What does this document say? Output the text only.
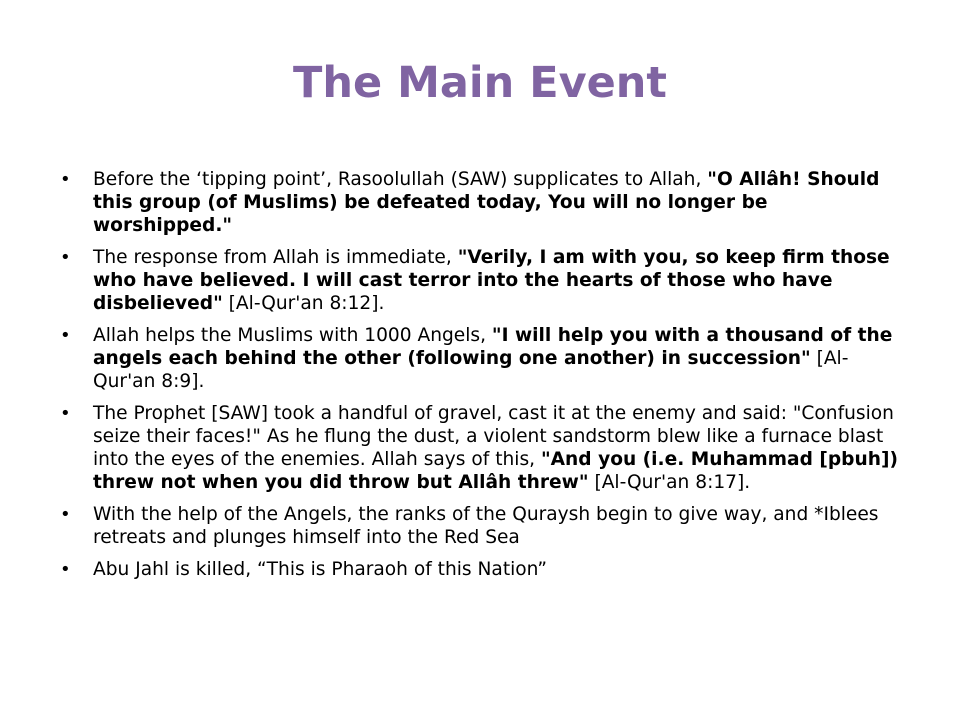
The Main Event
• Before the ‘tipping point’, Rasoolullah (SAW) supplicates to Allah, "O Allâh! Should this group (of Muslims) be defeated today, You will no longer be worshipped."
• The response from Allah is immediate, "Verily, I am with you, so keep firm those who have believed. I will cast terror into the hearts of those who have disbelieved" [Al-Qur'an 8:12].
• Allah helps the Muslims with 1000 Angels, "I will help you with a thousand of the angels each behind the other (following one another) in succession" [Al-Qur'an 8:9].
• The Prophet [SAW] took a handful of gravel, cast it at the enemy and said: "Confusion seize their faces!" As he flung the dust, a violent sandstorm blew like a furnace blast into the eyes of the enemies. Allah says of this, "And you (i.e. Muhammad [pbuh]) threw not when you did throw but Allâh threw" [Al-Qur'an 8:17].
• With the help of the Angels, the ranks of the Quraysh begin to give way, and *Iblees retreats and plunges himself into the Red Sea
• Abu Jahl is killed, “This is Pharaoh of this Nation”
